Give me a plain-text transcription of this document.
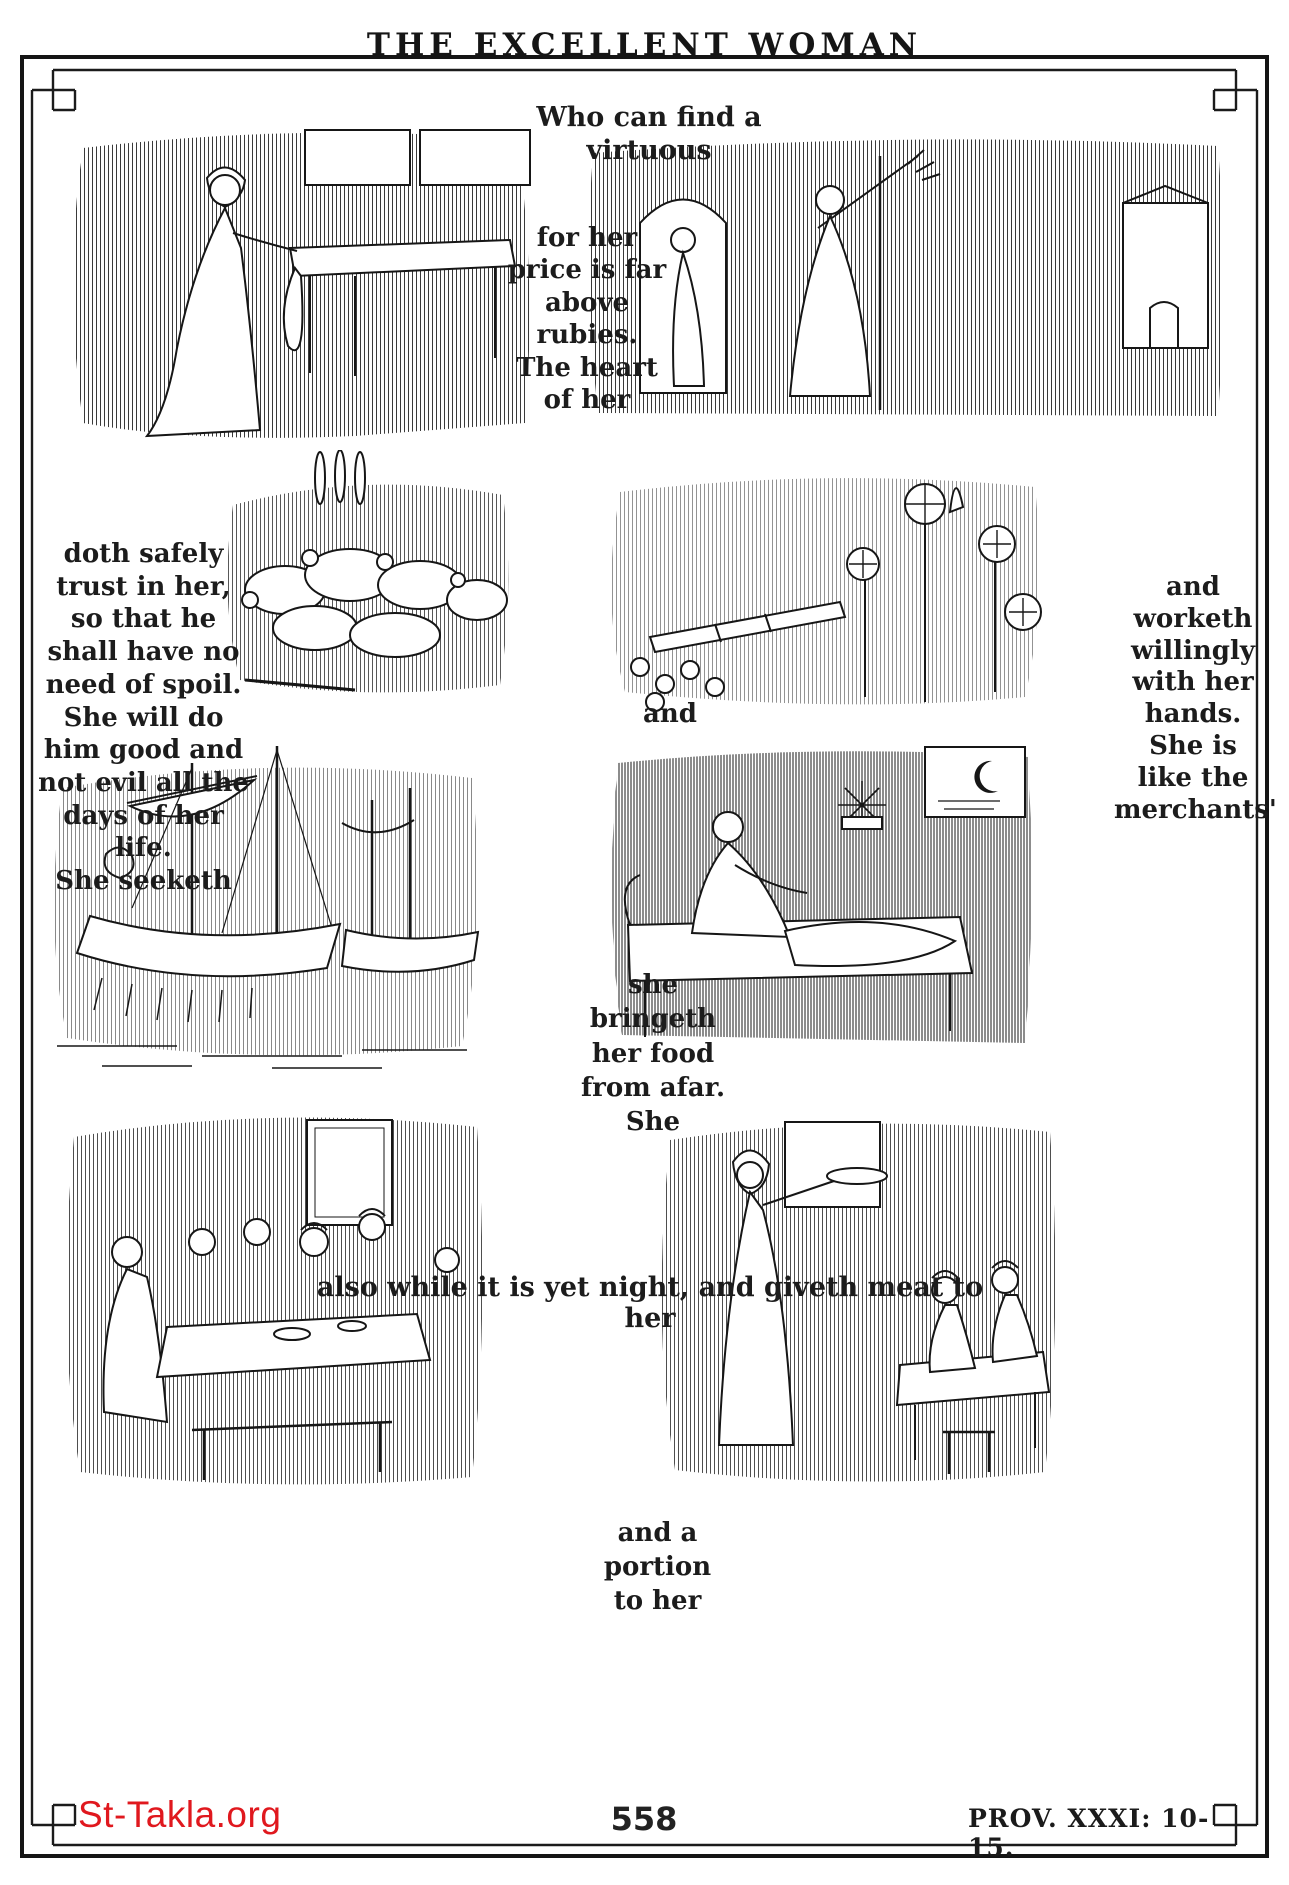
THE EXCELLENT WOMAN
Who can find a virtuous
for her
price is far
above
rubies.
The heart
of her
doth safely
trust in her,
so that he
shall have no
need of spoil.
She will do
him good and
not evil all the
days of her life.
She seeketh
and
and
worketh
willingly
with her
hands.
She is
like the
merchants'
she
bringeth
her food
from afar.
She
also while it is yet night, and giveth meat to her
and a portion
to her
St-Takla.org	558	PROV. XXXI: 10-15.
